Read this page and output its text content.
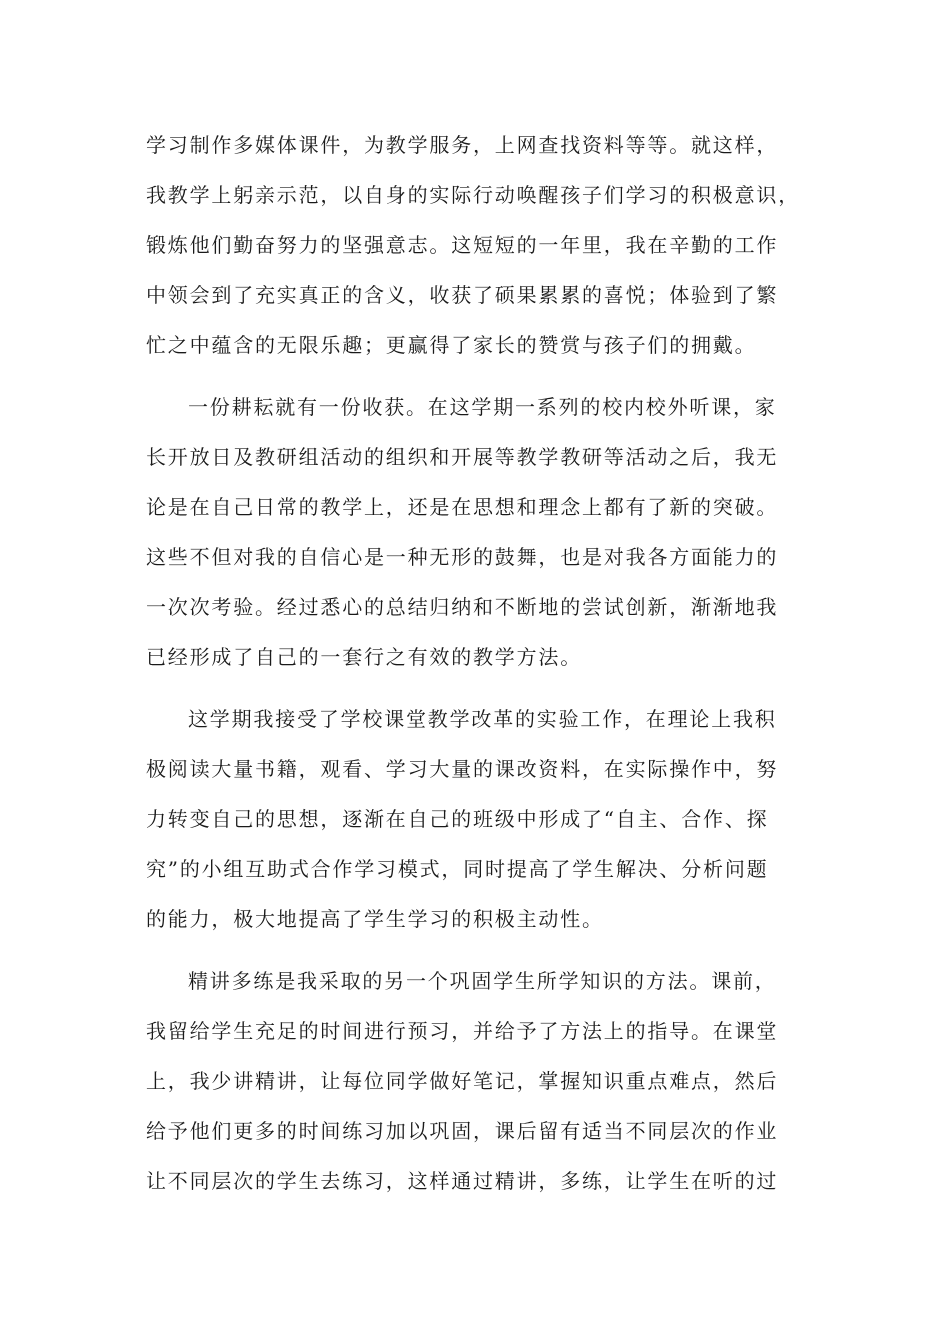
学习制作多媒体课件，为教学服务，上网查找资料等等。就这样，
我教学上躬亲示范，以自身的实际行动唤醒孩子们学习的积极意识，
锻炼他们勤奋努力的坚强意志。这短短的一年里，我在辛勤的工作
中领会到了充实真正的含义，收获了硕果累累的喜悦；体验到了繁
忙之中蕴含的无限乐趣；更赢得了家长的赞赏与孩子们的拥戴。
一份耕耘就有一份收获。在这学期一系列的校内校外听课，家
长开放日及教研组活动的组织和开展等教学教研等活动之后，我无
论是在自己日常的教学上，还是在思想和理念上都有了新的突破。
这些不但对我的自信心是一种无形的鼓舞，也是对我各方面能力的
一次次考验。经过悉心的总结归纳和不断地的尝试创新，渐渐地我
已经形成了自己的一套行之有效的教学方法。
这学期我接受了学校课堂教学改革的实验工作，在理论上我积
极阅读大量书籍，观看、学习大量的课改资料，在实际操作中，努
力转变自己的思想，逐渐在自己的班级中形成了“自主、合作、探
究”的小组互助式合作学习模式，同时提高了学生解决、分析问题
的能力，极大地提高了学生学习的积极主动性。
精讲多练是我采取的另一个巩固学生所学知识的方法。课前，
我留给学生充足的时间进行预习，并给予了方法上的指导。在课堂
上，我少讲精讲，让每位同学做好笔记，掌握知识重点难点，然后
给予他们更多的时间练习加以巩固，课后留有适当不同层次的作业
让不同层次的学生去练习，这样通过精讲，多练，让学生在听的过
